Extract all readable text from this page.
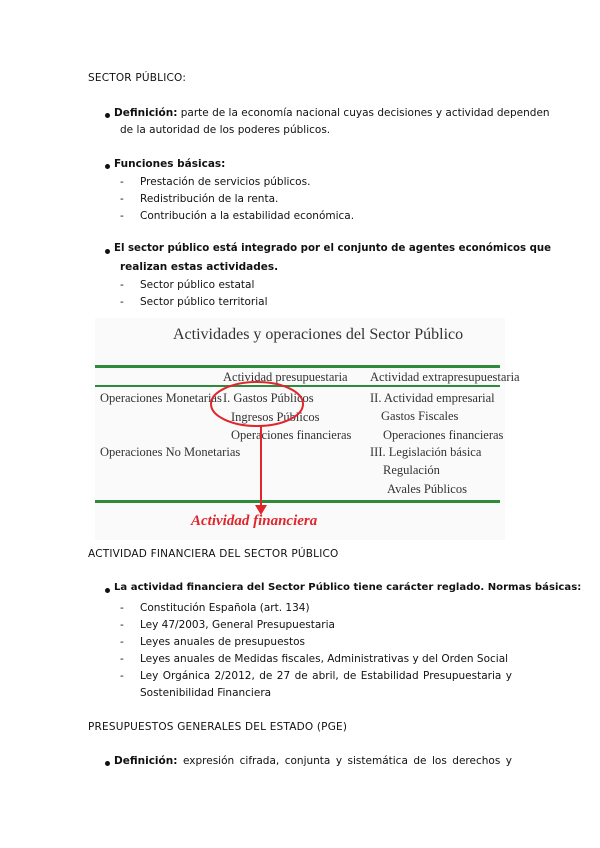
SECTOR PÚBLICO:
Definición: parte de la economía nacional cuyas decisiones y actividad dependen
de la autoridad de los poderes públicos.
Funciones básicas:
- Prestación de servicios públicos.
- Redistribución de la renta.
- Contribución a la estabilidad económica.
El sector público está integrado por el conjunto de agentes económicos que
realizan estas actividades.
- Sector público estatal
- Sector público territorial
Actividades y operaciones del Sector Público
Actividad presupuestaria Actividad extrapresupuestaria
Operaciones Monetarias
Operaciones No Monetarias
I. Gastos Públicos
Ingresos Públicos
Operaciones financieras
II. Actividad empresarial
Gastos Fiscales
Operaciones financieras
III. Legislación básica
Regulación
Avales Públicos
Actividad financiera
ACTIVIDAD FINANCIERA DEL SECTOR PÚBLICO
La actividad financiera del Sector Público tiene carácter reglado. Normas básicas:
- Constitución Española (art. 134)
- Ley 47/2003, General Presupuestaria
- Leyes anuales de presupuestos
- Leyes anuales de Medidas fiscales, Administrativas y del Orden Social
- Ley Orgánica 2/2012, de 27 de abril, de Estabilidad Presupuestaria y
Sostenibilidad Financiera
PRESUPUESTOS GENERALES DEL ESTADO (PGE)
Definición: expresión cifrada, conjunta y sistemática de los derechos y
